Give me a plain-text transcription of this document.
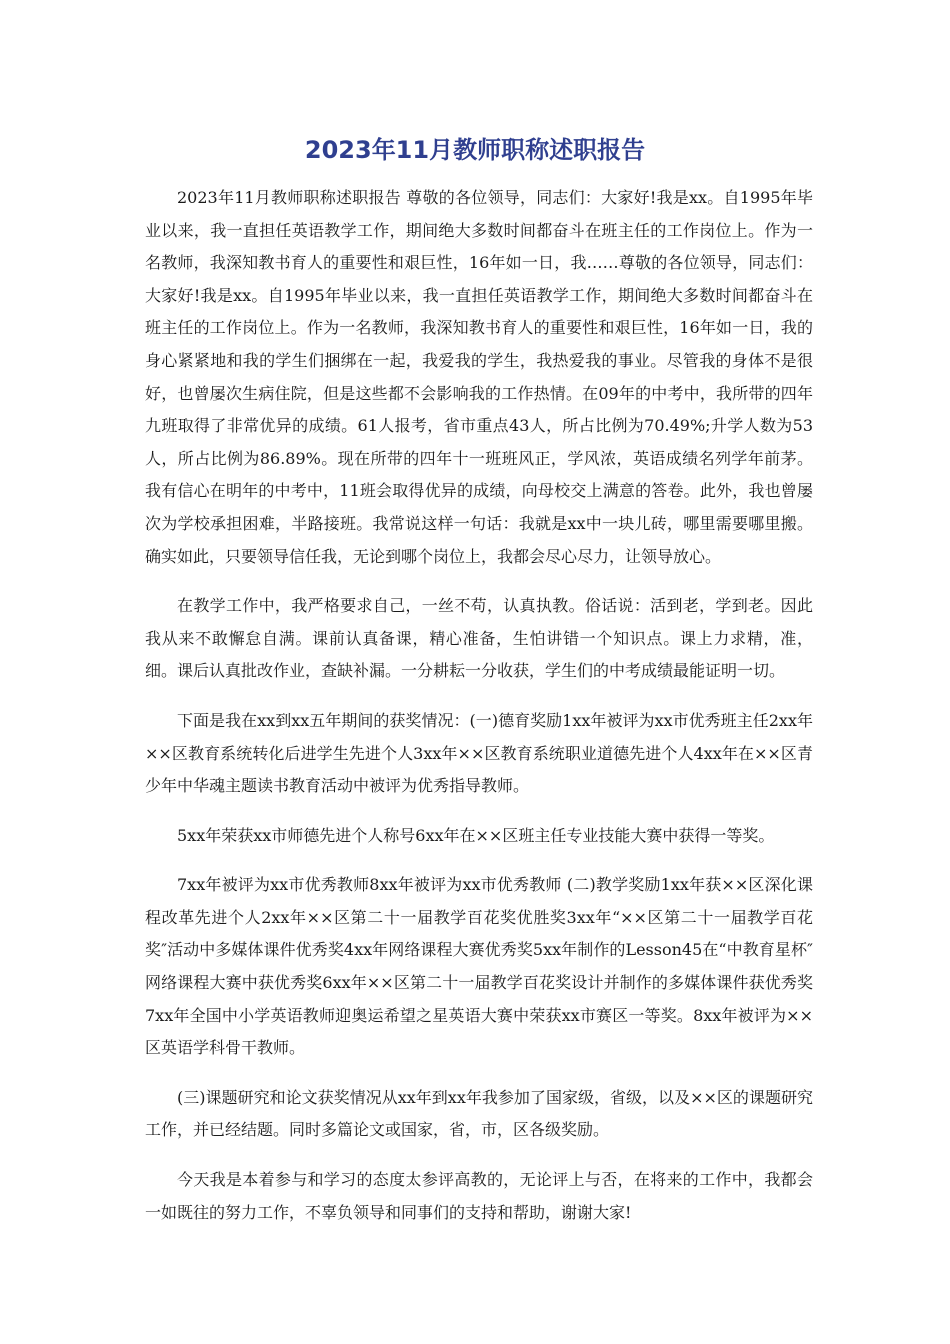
2023年11月教师职称述职报告

2023年11月教师职称述职报告 尊敬的各位领导，同志们：大家好!我是xx。自1995年毕业以来，我一直担任英语教学工作，期间绝大多数时间都奋斗在班主任的工作岗位上。作为一名教师，我深知教书育人的重要性和艰巨性，16年如一日，我……尊敬的各位领导，同志们：大家好!我是xx。自1995年毕业以来，我一直担任英语教学工作，期间绝大多数时间都奋斗在班主任的工作岗位上。作为一名教师，我深知教书育人的重要性和艰巨性，16年如一日，我的身心紧紧地和我的学生们捆绑在一起，我爱我的学生，我热爱我的事业。尽管我的身体不是很好，也曾屡次生病住院，但是这些都不会影响我的工作热情。在09年的中考中，我所带的四年九班取得了非常优异的成绩。61人报考，省市重点43人，所占比例为70.49%;升学人数为53人，所占比例为86.89%。现在所带的四年十一班班风正，学风浓，英语成绩名列学年前茅。我有信心在明年的中考中，11班会取得优异的成绩，向母校交上满意的答卷。此外，我也曾屡次为学校承担困难，半路接班。我常说这样一句话：我就是xx中一块儿砖，哪里需要哪里搬。确实如此，只要领导信任我，无论到哪个岗位上，我都会尽心尽力，让领导放心。

在教学工作中，我严格要求自己，一丝不苟，认真执教。俗话说：活到老，学到老。因此我从来不敢懈怠自满。课前认真备课，精心准备，生怕讲错一个知识点。课上力求精，准，细。课后认真批改作业，查缺补漏。一分耕耘一分收获，学生们的中考成绩最能证明一切。

下面是我在xx到xx五年期间的获奖情况：(一)德育奖励1xx年被评为xx市优秀班主任2xx年××区教育系统转化后进学生先进个人3xx年××区教育系统职业道德先进个人4xx年在××区青少年中华魂主题读书教育活动中被评为优秀指导教师。

5xx年荣获xx市师德先进个人称号6xx年在××区班主任专业技能大赛中获得一等奖。

7xx年被评为xx市优秀教师8xx年被评为xx市优秀教师 (二)教学奖励1xx年获××区深化课程改革先进个人2xx年××区第二十一届教学百花奖优胜奖3xx年“××区第二十一届教学百花奖″活动中多媒体课件优秀奖4xx年网络课程大赛优秀奖5xx年制作的Lesson45在“中教育星杯″网络课程大赛中获优秀奖6xx年××区第二十一届教学百花奖设计并制作的多媒体课件获优秀奖7xx年全国中小学英语教师迎奥运希望之星英语大赛中荣获xx市赛区一等奖。8xx年被评为××区英语学科骨干教师。

(三)课题研究和论文获奖情况从xx年到xx年我参加了国家级，省级，以及××区的课题研究工作，并已经结题。同时多篇论文或国家，省，市，区各级奖励。

今天我是本着参与和学习的态度太参评高教的，无论评上与否，在将来的工作中，我都会一如既往的努力工作，不辜负领导和同事们的支持和帮助，谢谢大家!
